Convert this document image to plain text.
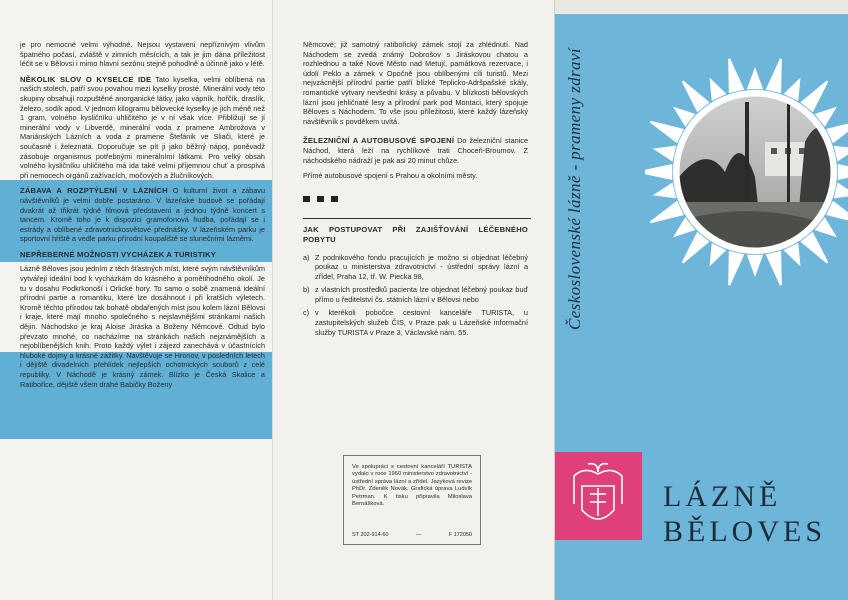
je pro nemocné velmi výhodné. Nejsou vystaveni nepříznivým vlivům špatného počasí, zvláště v zimních měsících, a tak je jim dána příležitost léčit se v Bělovsi i mimo hlavní sezónu stejně pohodlně a účinně jako v létě.

NĚKOLIK SLOV O KYSELCE IDE Tato kyselka, velmi oblíbená na našich stolech, patří svou povahou mezi kyselky prosté. Minerální vody této skupiny obsahují rozpuštěné anorganické látky, jako vápník, hořčík, draslík, železo, sodík apod. V jednom kilogramu bělovecké kyselky je jich méně než 1 gram, volného kysličníku uhličitého je v ní však více. Přibližují se jí minerální vody v Libverdě, minerální voda z pramene Ambrožova v Mariánských Lázních a voda z pramene Štefánik ve Sliači, které je současně i železnatá. Doporučuje se pít ji jako běžný nápoj, poněvadž zásobuje organismus potřebnými minerálními látkami. Pro velký obsah volného kysličníku uhličitého má ida také velmi příjemnou chuť a prospívá při nemocech orgánů zažívacích, močových a žlučníkových.

ZÁBAVA A ROZPTÝLENÍ V LÁZNÍCH O kulturní život a zábavu návštěvníků je velmi dobře postaráno. V lázeňské budově se pořádají dvakrát až třikrát týdně filmová představení a jednou týdně koncert s tancem. Kromě toho je k dispozici gramofonová hudba, pořádají se i estrády a oblíbené zdravotnickosvětové přednášky. V lázeňském parku je sportovní hřiště a vedle parku přírodní koupaliště se slunečními lázněmi.

NEPŘEBERNÉ MOŽNOSTI VYCHÁZEK A TURISTIKY

Lázně Běloves jsou jedním z těch šťastných míst, které svým návštěvníkům vytvářejí ideální bod k vycházkám do krásného a pomětihodného okolí. Je tu v dosahu Podkrkonoší i Orlické hory. To samo o sobě znamená ideální přírodní partie a romantiku, které lze dosáhnout i při kratších výletech. Kromě těchto přírodou tak bohatě obdařených míst jsou kolem lázní Bělovsi i kraje, které mají mnoho společného s nejslavnějšími stránkami našich dějin. Náchodsko je kraj Aloise Jiráska a Boženy Němcové. Odtud bylo převzato mnohé, co nacházíme na stránkách našich nejznámějších a nejoblíbenějších knih. Proto každý výlet i zájezd zanechává v účastnících hluboké dojmy a krásné zážitky. Navštěvuje se Hronov, v posledních letech i dějiště divadelních přehlídek nejlepších ochotnických souborů z celé republiky. V Náchodě je krásný zámek. Blízko je Česká Skalice a Ratibořice, dějiště všem drahé Babičky Boženy

Němcové; již samotný ratibořický zámek stojí za zhlédnutí. Nad Náchodem se zvedá známý Dobrošov s Jiráskovou chatou a rozhlednou a také Nové Město nad Metují, památková rezervace, i údolí Peklo a zámek v Opočně jsou oblíbenými cíli turistů. Mezi nejvzácnější přírodní partie patří blízké Teplicko-Adršpašské skály, romantické výtvary nevšední krásy a půvabu. V blízkosti bělovských lázní jsou jehličnaté lesy a přírodní park pod Montaci, který spojuje Běloves s Náchodem. To vše jsou příležitosti, které každý lázeňský návštěvník s povděkem uvítá.

ŽELEZNIČNÍ A AUTOBUSOVÉ SPOJENÍ Do železniční stanice Náchod, která leží na rychlíkové trati Choceň-Broumov. Z náchodského nádraží je pak asi 20 minut chůze.

Přímé autobusové spojení s Prahou a okolními městy.

JAK POSTUPOVAT PŘI ZAJIŠŤOVÁNÍ LÉČEBNÉHO POBYTU

a) Z podnikového fondu pracujících je možno si objednat léčebný poukaz u ministerstva zdravotnictví - ústřední správy lázní a zřídel, Praha 12, tř. W. Piecka 98,
b) z vlastních prostředků pacienta lze objednat léčebný poukaz buď přímo u ředitelství čs. státních lázní v Bělovsi nebo
c) v kterékoli pobočce cestovní kanceláře TURISTA, u zastupitelských služeb ČIS, v Praze pak u Lázeňské informační služby TURISTA v Praze 3, Václavské nám. 55.
Ve spolupráci s cestovní kanceláří TURISTA vydalo v roce 1960 ministerstvo zdravotnictví - ústřední správa lázní a zřídel. Jazyková revize PhDr. Zdeněk Novák. Grafická úprava Ludvík Petrman. K tisku připravila Miloslava Bernášková.
ST 202-914-60	—	F 172050
Československé lázně - prameny zdraví
LÁZNĚ
BĚLOVES
